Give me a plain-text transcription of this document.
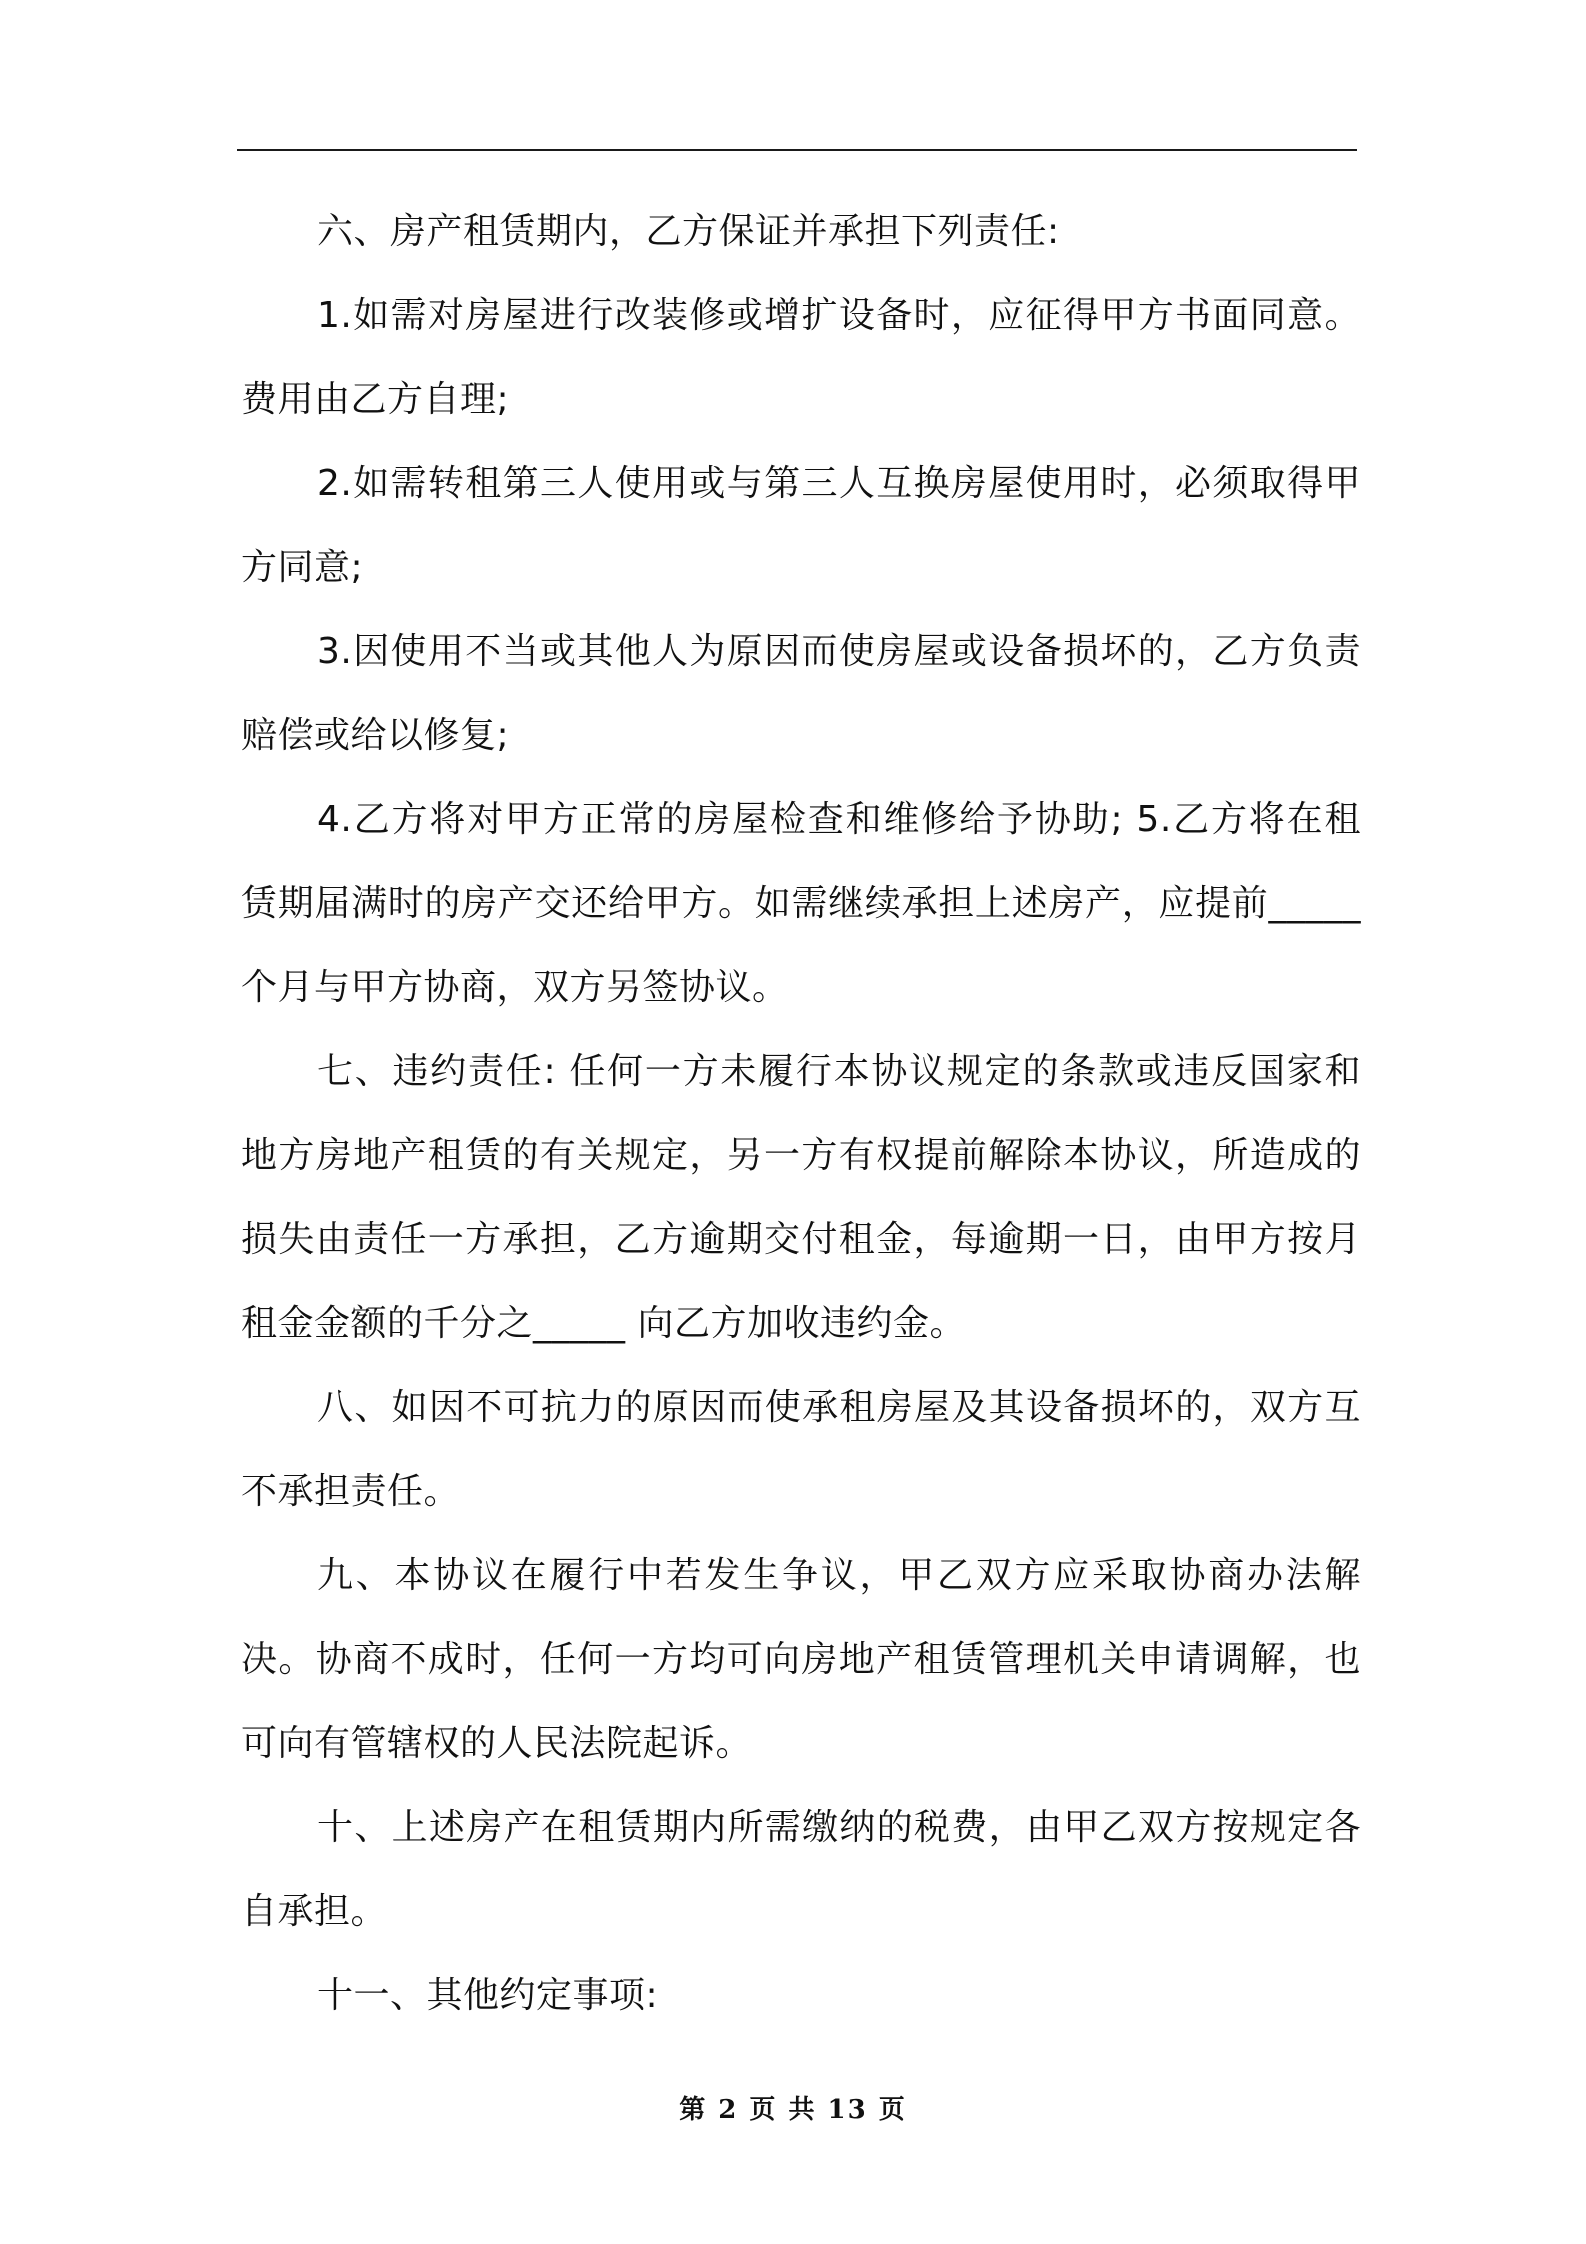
六、房产租赁期内，乙方保证并承担下列责任:

1.如需对房屋进行改装修或增扩设备时，应征得甲方书面同意。费用由乙方自理;

2.如需转租第三人使用或与第三人互换房屋使用时，必须取得甲方同意;

3.因使用不当或其他人为原因而使房屋或设备损坏的，乙方负责赔偿或给以修复;

4.乙方将对甲方正常的房屋检查和维修给予协助; 5.乙方将在租赁期届满时的房产交还给甲方。如需继续承担上述房产，应提前_____ 个月与甲方协商，双方另签协议。

七、违约责任: 任何一方未履行本协议规定的条款或违反国家和地方房地产租赁的有关规定，另一方有权提前解除本协议，所造成的损失由责任一方承担，乙方逾期交付租金，每逾期一日，由甲方按月租金金额的千分之_____ 向乙方加收违约金。

八、如因不可抗力的原因而使承租房屋及其设备损坏的，双方互不承担责任。

九、本协议在履行中若发生争议，甲乙双方应采取协商办法解决。协商不成时，任何一方均可向房地产租赁管理机关申请调解，也可向有管辖权的人民法院起诉。

十、上述房产在租赁期内所需缴纳的税费，由甲乙双方按规定各自承担。

十一、其他约定事项:

第 2 页 共 13 页
